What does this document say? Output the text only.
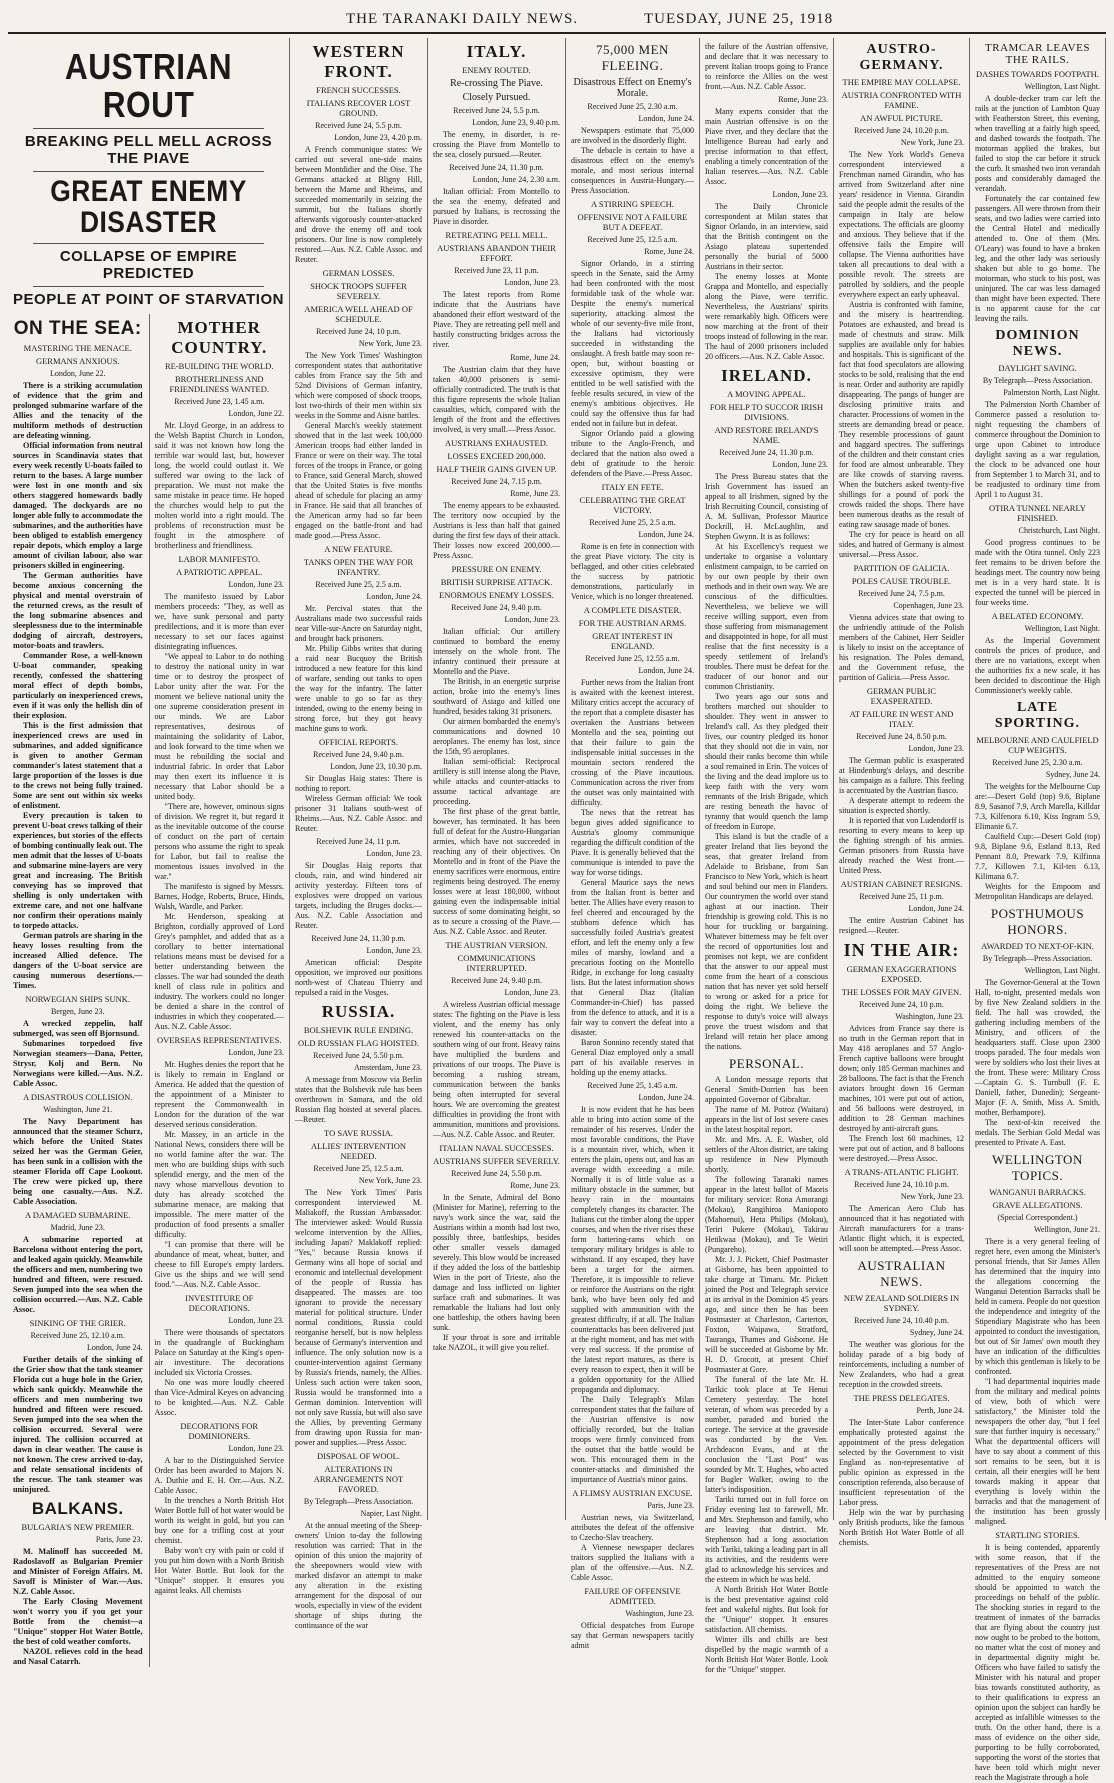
THE TARANAKI DAILY NEWS.	TUESDAY, JUNE 25, 1918
AUSTRIAN ROUT
BREAKING PELL MELL ACROSS THE PIAVE
GREAT ENEMY DISASTER
COLLAPSE OF EMPIRE PREDICTED
PEOPLE AT POINT OF STARVATION
ON THE SEA:
MASTERING THE MENACE.
GERMANS ANXIOUS.
London, June 22.

There is a striking accumulation of evidence that the grim and prolonged submarine warfare of the Allies and the tenacity of the multiform methods of destruction are defeating winning.

Official information from neutral sources in Scandinavia states that every week recently U-boats failed to return to the bases. A large number were lost in one month and six others staggered homewards badly damaged. The dockyards are no longer able fully to accommodate the submarines, and the authorities have been obliged to establish emergency repair depots, which employ a large amount of civilian labour, also war prisoners skilled in engineering.

The German authorities have become anxious concerning the physical and mental overstrain of the returned crews, as the result of the long submarine absences and sleeplessness due to the interminable dodging of aircraft, destroyers, motor-boats and trawlers.

Commander Rose, a well-known U-boat commander, speaking recently, confessed the shattering moral effect of depth bombs, particularly on inexperienced crews, even if it was only the hellish din of their explosion.

This is the first admission that inexperienced crews are used in submarines, and added significance is given to another German commander's latest statement that a large proportion of the losses is due to the crews not being fully trained. Some are sent out within six weeks of enlistment.

Every precaution is taken to prevent U-boat crews talking of their experiences, but stories of the effects of bombing continually leak out. The men admit that the losses of U-boats and submarine mine-layers are very great and increasing. The British conveying has so improved that shelling is only undertaken with extreme care, and not one halfvane nor confirm their operations mainly to torpedo attacks.

German patrols are sharing in the heavy losses resulting from the increased Allied defence. The dangers of the U-boat service are causing numerous desertions.—Times.

NORWEGIAN SHIPS SUNK.
Bergen, June 23.

A wrecked zeppelin, half submerged, was seen off Bjornsund.

Submarines torpedoed five Norwegian steamers—Dana, Petter, Strysr, Kolj and Bern. No Norwegians were killed.—Aus. N.Z. Cable Assoc.

A DISASTROUS COLLISION.
Washington, June 21.

The Navy Department has announced that the steamer Schurz, which before the United States seized her was the German Geier, has been sunk in a collision with the steamer Florida off Cape Lookout. The crew were picked up, there being one casualty.—Aus. N.Z. Cable Association.

A DAMAGED SUBMARINE.
Madrid, June 23.

A submarine reported at Barcelona without entering the port, and leaked again quickly. Meanwhile the officers and men, numbering two hundred and fifteen, were rescued. Seven jumped into the sea when the collision occurred.—Aus. N.Z. Cable Assoc.

SINKING OF THE GRIER.
Received June 25, 12.10 a.m.
London, June 24.

Further details of the sinking of the Grier show that the tank steamer Florida cut a huge hole in the Grier, which sank quickly. Meanwhile the officers and men numbering two hundred and fifteen were rescued. Seven jumped into the sea when the collision occurred. Several were injured. The collision occurred at dawn in clear weather. The cause is not known. The crew arrived to-day, and relate sensational incidents of the rescue. The tank steamer was uninjured.

BALKANS.
BULGARIA'S NEW PREMIER.
Paris, June 23.

M. Malinoff has succeeded M. Radoslavoff as Bulgarian Premier and Minister of Foreign Affairs. M. Savoff is Minister of War.—Aus. N.Z. Cable Assoc.

The Early Closing Movement won't worry you if you get your Bottle from the chemist—a "Unique" stopper Hot Water Bottle, the best of cold weather comforts.

NAZOL relieves cold in the head and Nasal Catarrh.

MOTHER COUNTRY.
RE-BUILDING THE WORLD.
BROTHERLINESS AND FRIENDLINESS WANTED.
Received June 23, 1.45 a.m.
London, June 22.

Mr. Lloyd George, in an address to the Welsh Baptist Church in London, said it was not known how long the terrible war would last, but, however long, the world could outlast it. We suffered war owing to the lack of preparation. We must not make the same mistake in peace time. He hoped the churches would help to put the molten world into a right mould. The problems of reconstruction must be fought in the atmosphere of brotherliness and friendliness.

LABOR MANIFESTO.
A PATRIOTIC APPEAL.
London, June 23.

The manifesto issued by Labor members proceeds: "They, as well as we, have sunk personal and party predilections, and it is more than ever necessary to set our faces against disintegrating influences.

"We appeal to Labor to do nothing to destroy the national unity in war time or to destroy the prospect of Labor unity after the war. For the moment we believe national unity the one supreme consideration present in our minds. We are Labor representatives, desirous of maintaining the solidarity of Labor, and look forward to the time when we must be rebuilding the social and industrial fabric. In order that Labor may then exert its influence it is necessary that Labor should be a united body.

"There are, however, ominous signs of division. We regret it, but regard it as the inevitable outcome of the course of conduct on the part of certain persons who assume the right to speak for Labor, but fail to realise the momentous issues involved in the war."

The manifesto is signed by Messrs. Barnes, Hodge, Roberts, Bruce, Hinds, Walsh, Wardle, and Parker.

Mr. Henderson, speaking at Brighton, cordially approved of Lord Grey's pamphlet, and added that as a corollary to better international relations means must be devised for a better understanding between the classes. The war had sounded the death knell of class rule in politics and industry. The workers could no longer be denied a share in the control of industries in which they cooperated.—Aus. N.Z. Cable Assoc.

OVERSEAS REPRESENTATIVES.
London, June 23.

Mr. Hughes denies the report that he is likely to remain in England or America. He added that the question of the appointment of a Minister to represent the Commonwealth in London for the duration of the war deserved serious consideration.

Mr. Massey, in an article in the National News, considers there will be no world famine after the war. The men who are building ships with such splendid energy, and the men of the navy whose marvellous devotion to duty has already scotched the submarine menace, are making that impossible. The mere matter of the production of food presents a smaller difficulty.

"I can promise that there will be abundance of meat, wheat, butter, and cheese to fill Europe's empty larders. Give us the ships and we will send food."—Aus. N.Z. Cable Assoc.

INVESTITURE OF DECORATIONS.
London, June 23.

There were thousands of spectators in the quadrangle of Buckingham Palace on Saturday at the King's open-air investiture. The decorations included six Victoria Crosses.

No one was more loudly cheered than Vice-Admiral Keyes on advancing to be knighted.—Aus. N.Z. Cable Assoc.

DECORATIONS FOR DOMINIONERS.
London, June 23.

A bar to the Distinguished Service Order has been awarded to Majors N. A. Duthie and E. H. Orr.—Aus. N.Z. Cable Assoc.

In the trenches a North British Hot Water Bottle full of hot water would be worth its weight in gold, but you can buy one for a trifling cost at your chemist.

Baby won't cry with pain or cold if you put him down with a North British Hot Water Bottle. But look for the "Unique" stopper. It ensures you against leaks. All chemists

WESTERN FRONT.
FRENCH SUCCESSES.
ITALIANS RECOVER LOST GROUND.
Received June 24, 5.5 p.m.
London, June 23, 4.20 p.m.

A French communique states: We carried out several one-side mains between Montdidier and the Oise. The Germans attacked at Bligny Hill, between the Marne and Rheims, and succeeded momentarily in seizing the summit, but the Italians shortly afterwards vigorously counter-attacked and drove the enemy off and took prisoners. Our line is now completely restored.—Aus. N.Z. Cable Assoc. and Reuter.

GERMAN LOSSES.
SHOCK TROOPS SUFFER SEVERELY.
AMERICA WELL AHEAD OF SCHEDULE.
Received June 24, 10 p.m.
New York, June 23.

The New York Times' Washington correspondent states that authoritative cables from France say the 5th and 52nd Divisions of German infantry, which were composed of shock troops, lost two-thirds of their men within six weeks in the Somme and Aisne battles.

General March's weekly statement showed that in the last week 100,000 American troops had either landed in France or were on their way. The total forces of the troops in France, or going to France, said General March, showed that the United States is five months ahead of schedule for placing an army in France. He said that all branches of the American army had so far been engaged on the battle-front and had made good.—Press Assoc.

A NEW FEATURE.
TANKS OPEN THE WAY FOR INFANTRY.
Received June 25, 2.5 a.m.
London, June 24.

Mr. Percival states that the Australians made two successful raids near Ville-sur-Ancre on Saturday night, and brought back prisoners.

Mr. Philip Gibbs writes that during a raid near Bucquoy the British introduced a new feature for this kind of warfare, sending out tanks to open the way for the infantry. The latter were unable to go so far as they intended, owing to the enemy being in strong force, but they got heavy machine guns to work.

OFFICIAL REPORTS.
Received June 24, 9.40 p.m.
London, June 23, 10.30 p.m.

Sir Douglas Haig states: There is nothing to report.

Wireless German official: We took prisoner 31 Italians south-west of Rheims.—Aus. N.Z. Cable Assoc. and Reuter.

Received June 24, 11 p.m.
London, June 23.

Sir Douglas Haig reports that clouds, rain, and wind hindered air activity yesterday. Fifteen tons of explosives were dropped on various targets, including the Bruges docks.—Aus. N.Z. Cable Association and Reuter.

Received June 24, 11.30 p.m.
London, June 23.

American official: Despite opposition, we improved our positions north-west of Chateau Thierry and repulsed a raid in the Vosges.

RUSSIA.
BOLSHEVIK RULE ENDING.
OLD RUSSIAN FLAG HOISTED.
Received June 24, 5.50 p.m.
Amsterdam, June 23.

A message from Moscow via Berlin states that the Bolshevik rule has been overthrown in Samara, and the old Russian flag hoisted at several places.—Reuter.

TO SAVE RUSSIA.
ALLIES' INTERVENTION NEEDED.
Received June 25, 12.5 a.m.
New York, June 23.

The New York Times' Paris correspondent interviewed M. Maliakoff, the Russian Ambassador. The interviewer asked: Would Russia welcome intervention by the Allies, including Japan? Maklakoff replied: "Yes," because Russia knows if Germany wins all hope of social and economic and intellectual development of the people of Russia has disappeared. The masses are too ignorant to provide the necessary material for political structure. Under normal conditions, Russia could reorganise herself, but is now helpless because of Germany's intervention and influence. The only solution now is a counter-intervention against Germany by Russia's friends, namely, the Allies. Unless such action were taken soon, Russia would be transformed into a German dominion. Intervention will not only save Russia, but will also save the Allies, by preventing Germany from drawing upon Russia for man-power and supplies.—Press Assoc.

DISPOSAL OF WOOL.
ALTERATIONS IN ARRANGEMENTS NOT FAVORED.
By Telegraph—Press Association.
Napier, Last Night.

At the annual meeting of the Sheep-owners' Union to-day the following resolution was carried: That in the opinion of this union the majority of the sheepowners would view with marked disfavor an attempt to make any alteration in the existing arrangement for the disposal of our wools, especially in view of the evident shortage of ships during the continuance of the war

ITALY.
ENEMY ROUTED.
Re-crossing The Piave.
Closely Pursued.
Received June 24, 5.5 p.m.
London, June 23, 9.40 p.m.

The enemy, in disorder, is re-crossing the Piave from Montello to the sea, closely pursued.—Reuter.

Received June 24, 11.30 p.m.
London, June 24, 2.30 a.m.

Italian official: From Montello to the sea the enemy, defeated and pursued by Italians, is recrossing the Piave in disorder.

RETREATING PELL MELL.
AUSTRIANS ABANDON THEIR EFFORT.
Received June 23, 11 p.m.
London, June 23.

The latest reports from Rome indicate that the Austrians have abandoned their effort westward of the Piave. They are retreating pell mell and hastily constructing bridges across the river.

Rome, June 24.

The Austrian claim that they have taken 40,000 prisoners is semi-officially contradicted. The truth is that this figure represents the whole Italian casualties, which, compared with the length of the front and the effectives involved, is very small.—Press Assoc.

AUSTRIANS EXHAUSTED.
LOSSES EXCEED 200,000.
HALF THEIR GAINS GIVEN UP.
Received June 24, 7.15 p.m.
Rome, June 23.

The enemy appears to be exhausted. The territory now occupied by the Austrians is less than half that gained during the first few days of their attack. Their losses now exceed 200,000.—Press Assoc.

PRESSURE ON ENEMY.
BRITISH SURPRISE ATTACK.
ENORMOUS ENEMY LOSSES.
Received June 24, 9.40 p.m.
London, June 23.

Italian official: Our artillery continued to bombard the enemy intensely on the whole front. The infantry continued their pressure at Montello and the Piave.

The British, in an energetic surprise action, broke into the enemy's lines southward of Asiago and killed one hundred, besides taking 31 prisoners.

Our airmen bombarded the enemy's communications and downed 10 aeroplanes. The enemy has lost, since the 15th, 95 aeroplanes.

Italian semi-official: Reciprocal artillery is still intense along the Piave, while attacks and counter-attacks to assume tactical advantage are proceeding.

The first phase of the great battle, however, has terminated. It has been full of defeat for the Austro-Hungarian armies, which have not succeeded in reaching any of their objectives. On Montello and in front of the Piave the enemy sacrifices were enormous, entire regiments being destroyed. The enemy losses were at least 180,000, without gaining even the indispensable initial success of some dominating height, so as to secure a crossing of the Piave.—Aus. N.Z. Cable Assoc. and Reuter.

THE AUSTRIAN VERSION.
COMMUNICATIONS INTERRUPTED.
Received June 24, 9.40 p.m.
London, June 23.

A wireless Austrian official message states: The fighting on the Piave is less violent, and the enemy has only renewed his counter-attacks on the southern wing of our front. Heavy rains have multiplied the burdens and privations of our troops. The Piave is becoming a rushing stream, communication between the banks being often interrupted for several hours. We are overcoming the greatest difficulties in providing the front with ammunition, munitions and provisions.—Aus. N.Z. Cable Assoc. and Reuter.

ITALIAN NAVAL SUCCESSES.
AUSTRIANS SUFFER SEVERELY.
Received June 24, 5.50 p.m.
Rome, June 23.

In the Senate, Admiral del Bono (Minister for Marine), referring to the navy's work since the war, said the Austrians within a month had lost two, possibly three, battleships, besides other smaller vessels damaged severely. This blow would be increased if they added the loss of the battleship Wien in the port of Trieste, also the damage and loss inflicted on lighter surface craft and submarines. It was remarkable the Italians had lost only one battleship, the others having been sunk.

If your throat is sore and irritable take NAZOL, it will give you relief.

75,000 MEN FLEEING.
Disastrous Effect on Enemy's Morale.
Received June 25, 2.30 a.m.
London, June 24.

Newspapers estimate that 75,000 are involved in the disorderly flight.

The debacle is certain to have a disastrous effect on the enemy's morale, and most serious internal consequences in Austria-Hungary.—Press Association.

A STIRRING SPEECH.
OFFENSIVE NOT A FAILURE BUT A DEFEAT.
Received June 25, 12.5 a.m.
Rome, June 24.

Signor Orlando, in a stirring speech in the Senate, said the Army had been confronted with the most formidable task of the whole war. Despite the enemy's numerical superiority, attacking almost the whole of our seventy-five mile front, the Italians had victoriously succeeded in withstanding the onslaught. A fresh battle may soon re-open, but, without boasting or excessive optimism, they were entitled to be well satisfied with the feeble results secured, in view of the enemy's ambitious objectives. He could say the offensive thus far had ended not in failure but in defeat.

Signor Orlando paid a glowing tribute to the Anglo-French, and declared that the nation also owed a debt of gratitude to the heroic defenders of the Piave.—Press Assoc.

ITALY EN FETE.
CELEBRATING THE GREAT VICTORY.
Received June 25, 2.5 a.m.
London, June 24.

Rome is en fete in connection with the great Piave victory. The city is beflagged, and other cities celebrated the success by patriotic demonstrations, particularly in Venice, which is no longer threatened.

A COMPLETE DISASTER.
FOR THE AUSTRIAN ARMS.
GREAT INTEREST IN ENGLAND.
Received June 25, 12.55 a.m.
London, June 24.

Further news from the Italian front is awaited with the keenest interest. Military critics accept the accuracy of the report that a complete disaster has overtaken the Austrians between Montello and the sea, pointing out that their failure to gain the indispensable initial successes in the mountain sectors rendered the crossing of the Piave incautious. Communication across the river from the outset was only maintained with difficulty.

The news that the retreat has begun gives added significance to Austria's gloomy communique regarding the difficult condition of the Piave. It is generally believed that the communique is intended to pave the way for worse tidings.

General Maurice says the news from the Italian front is better and better. The Allies have every reason to feel cheered and encouraged by the stubborn defence which has successfully foiled Austria's greatest effort, and left the enemy only a few miles of marshy, lowland and a precarious footing on the Montello Ridge, in exchange for long casualty lists. But the latest information shows that General Diaz (Italian Commander-in-Chief) has passed from the defence to attack, and it is a fair way to convert the defeat into a disaster.

Baron Sonnino recently stated that General Diaz employed only a small part of his available reserves in holding up the enemy attacks.

Received June 25, 1.45 a.m.
London, June 24.

It is now evident that he has been able to bring into action some of the remainder of his reserves. Under the most favorable conditions, the Piave is a mountain river, which, when it enters the plain, opens out, and has an average width exceeding a mile. Normally it is of little value as a military obstacle in the summer, but heavy rain in the mountains completely changes its character. The Italians cut the timber along the upper courses, and when the river rises these form battering-rams which on temporary military bridges is able to withstand. If any escaped, they have been a target for the airmen. Therefore, it is impossible to relieve or reinforce the Austrians on the right bank, who have been only fed and supplied with ammunition with the greatest difficulty, if at all. The Italian counterattacks has been delivered just at the right moment, and has met with very real success. If the promise of the latest report matures, as there is every reason to expect, then it will be a golden opportunity for the Allied propaganda and diplomacy.

The Daily Telegraph's Milan correspondent states that the failure of the Austrian offensive is now officially recorded, but the Italian troops were firmly convinced from the outset that the battle would be won. This encouraged them in the counter-attacks and diminished the importance of Austria's minor gains.

A FLIMSY AUSTRIAN EXCUSE.
Paris, June 23.

Austrian news, via Switzerland, attributes the defeat of the offensive to Czecho-Slav treachery.

A Viennese newspaper declares traitors supplied the Italians with a plan of the offensive.—Aus. N.Z. Cable Assoc.

FAILURE OF OFFENSIVE ADMITTED.
Washington, June 23.

Official despatches from Europe say that German newspapers tacitly admit

the failure of the Austrian offensive, and declare that it was necessary to prevent Italian troops going to France to reinforce the Allies on the west front.—Aus. N.Z. Cable Assoc.

Rome, June 23.

Many experts consider that the main Austrian offensive is on the Piave river, and they declare that the Intelligence Bureau had early and precise information to that effect, enabling a timely concentration of the Italian reserves.—Aus. N.Z. Cable Assoc.

London, June 23.

The Daily Chronicle correspondent at Milan states that Signor Orlando, in an interview, said that the British contingent on the Asiago plateau supertended personally the burial of 5000 Austrians in their sector.

The enemy losses at Monte Grappa and Montello, and especially along the Piave, were terrific. Nevertheless, the Austrians' spirits were remarkably high. Officers were now marching at the front of their troops instead of following in the rear. The haul of 2000 prisoners included 20 officers.—Aus. N.Z. Cable Assoc.

IRELAND.
A MOVING APPEAL.
FOR HELP TO SUCCOR IRISH DIVISIONS.
AND RESTORE IRELAND'S NAME.
Received June 24, 11.30 p.m.
London, June 23.

The Press Bureau states that the Irish Government has issued an appeal to all Irishmen, signed by the Irish Recruiting Council, consisting of A. M. Sullivan, Professor Maurice Dockrill, H. McLaughlin, and Stephen Gwynn. It is as follows:

At his Excellency's request we undertake to organise a voluntary enlistment campaign, to be carried on by our own people by their own methods and in their own way. We are conscious of the difficulties. Nevertheless, we believe we will receive willing support, even from those suffering from mismanagement and disappointed in hope, for all must realise that the first necessity is a speedy settlement of Ireland's troubles. There must be defeat for the traducer of our honor and our common Christianity.

Two years ago our sons and brothers marched out shoulder to shoulder. They went in answer to Ireland's call. As they pledged their lives, our country pledged its honor that they should not die in vain, nor should their ranks become thin while a soul remained in Erin. The voices of the living and the dead implore us to keep faith with the very worn remnants of the Irish Brigade, which are resting beneath the havoc of tyranny that would quench the lamp of freedom in Europe.

This island is but the cradle of a greater Ireland that lies beyond the seas, that greater Ireland from Adelaide to Brisbane, from San Francisco to New York, which is heart and soul behind our men in Flanders. Our countrymen the world over stand aghast at our inaction. Their friendship is growing cold. This is no hour for truckling or bargaining. Whatever bitterness may be felt over the record of opportunities lost and promises not kept, we are confident that the answer to our appeal must come from the heart of a conscious nation that has never yet sold herself to wrong or asked for a price for doing the right. We believe the response to duty's voice will always prove the truest wisdom and that Ireland will retain her place among the nations.

PERSONAL.

A London message reports that General Smith-Dorrien has been appointed Governor of Gibraltar.

The name of M. Potroz (Waitara) appears in the list of lost severe cases in the latest hospital report.

Mr. and Mrs. A. E. Washer, old settlers of the Alton district, are taking up residence in New Plymouth shortly.

The following Taranaki names appear in the latest ballot of Maoris for military service: Rona Amorangi (Mokau), Rangihiroa Maniopoto (Mahoenui), Heta Philips (Mokau), Teriri Pukere (Mokau), Takirau Hetikwaa (Mokau), and Te Wetiri (Pungarehu).

Mr. J. J. Pickett, Chief Postmaster at Gisborne, has been appointed to take charge at Timaru. Mr. Pickett joined the Post and Telegraph service at its arrival in the Dominion 45 years ago, and since then he has been Postmaster at Charleston, Carterton, Foxton, Waipawa, Stratford, Tauranga, Thames and Gisborne. He will be succeeded at Gisborne by Mr. H. D. Grocott, at present Chief Postmaster at Gore.

The funeral of the late Mr. H. Tarikic took place at Te Henui Cemetery yesterday. The hotel veteran, of whom was preceded by a number, paraded and buried the cortege. The service at the graveside was conducted by the Ven. Archdeacon Evans, and at the conclusion the "Last Post" was sounded by Mr. T. Hughes, who acted for Bugler Walker, owing to the latter's indisposition.

Tariki turned out in full force on Friday evening last to farewell, Mr. and Mrs. Stephenson and family, who are leaving that district. Mr. Stephenson had a long association with Tariki, taking a leading part in all its activities, and the residents were glad to acknowledge his services and the esteem in which he was held.

A North British Hot Water Bottle is the best preventative against cold feet and wakeful nights. But look for the "Unique" stopper. It ensures satisfaction. All chemists.

Winter ills and chills are best dispelled by the magic warmth of a North British Hot Water Bottle. Look for the "Unique" stopper.

AUSTRO-GERMANY.
THE EMPIRE MAY COLLAPSE.
AUSTRIA CONFRONTED WITH FAMINE.
AN AWFUL PICTURE.
Received June 24, 10.20 p.m.
New York, June 23.

The New York World's Geneva correspondent interviewed a Frenchman named Girandin, who has arrived from Switzerland after nine years' residence in Vienna. Girandin said the people admit the results of the campaign in Italy are below expectations. The officials are gloomy and anxious. They believe that if the offensive fails the Empire will collapse. The Vienna authorities have taken all precautions to deal with a possible revolt. The streets are patrolled by soldiers, and the people everywhere expect an early upheaval.

Austria is confronted with famine, and the misery is heartrending. Potatoes are exhausted, and bread is made of chestnuts and straw. Milk supplies are available only for babies and hospitals. This is significant of the fact that food speculators are allowing stocks to be sold, realising that the end is near. Order and authority are rapidly disappearing. The pangs of hunger are disclosing primitive traits and character. Processions of women in the streets are demanding bread or peace. They resemble processions of gaunt and haggard spectres. The sufferings of the children and their constant cries for food are almost unbearable. They are like crowds of starving ravens. When the butchers asked twenty-five shillings for a pound of pork the crowds raided the shops. There have been numerous deaths as the result of eating raw sausage made of bones.

The cry for peace is heard on all sides, and hatred of Germany is almost universal.—Press Assoc.

PARTITION OF GALICIA.
POLES CAUSE TROUBLE.
Received June 24, 7.5 p.m.
Copenhagen, June 23.

Vienna advices state that owing to the unfriendly attitude of the Polish members of the Cabinet, Herr Seidler is likely to insist on the acceptance of his resignation. The Poles demand, and the Government refuse, the partition of Galicia.—Press Assoc.

GERMAN PUBLIC EXASPERATED.
AT FAILURE IN WEST AND ITALY.
Received June 24, 8.50 p.m.
London, June 23.

The German public is exasperated at Hindenburg's delays, and describe his campaign as a failure. This feeling is accentuated by the Austrian fiasco.

A desperate attempt to redeem the situation is expected shortly.

It is reported that von Ludendorff is resorting to every means to keep up the fighting strength of his armies. German prisoners from Russia have already reached the West front.—United Press.

AUSTRIAN CABINET RESIGNS.
Received June 25, 11 p.m.
London, June 24.

The entire Austrian Cabinet has resigned.—Reuter.

IN THE AIR:
GERMAN EXAGGERATIONS EXPOSED.
THE LOSSES FOR MAY GIVEN.
Received June 24, 10 p.m.
Washington, June 23.

Advices from France say there is no truth in the German report that in May 418 aeroplanes and 57 Anglo-French captive balloons were brought down; only 185 German machines and 28 balloons. The fact is that the French aviators brought down 16 German machines, 101 were put out of action, and 56 balloons were destroyed, in addition to 28 German machines destroyed by anti-aircraft guns.

The French lost 60 machines, 12 were put out of action, and 8 balloons were destroyed.—Press Assoc.

A TRANS-ATLANTIC FLIGHT.
Received June 24, 10.10 p.m.
New York, June 23.

The American Aero Club has announced that it has negotiated with Aircraft manufacturers for a trans-Atlantic flight which, it is expected, will soon be attempted.—Press Assoc.

AUSTRALIAN NEWS.
NEW ZEALAND SOLDIERS IN SYDNEY.
Received June 24, 10.40 p.m.
Sydney, June 24.

The weather was glorious for the holiday parade of a big body of reinforcements, including a number of New Zealanders, who had a great reception in the crowded streets.

THE PRESS DELEGATES.
Perth, June 24.

The Inter-State Labor conference emphatically protested against the appointment of the press delegation selected by the Government to visit England as non-representative of public opinion as expressed in the conscription referenda, also because of insufficient representation of the Labor press.

Help win the war by purchasing only British products, like the famous North British Hot Water Bottle of all chemists.

TRAMCAR LEAVES THE RAILS.
DASHES TOWARDS FOOTPATH.
Wellington, Last Night.

A double-decker tram car left the rails at the junction of Lambton Quay with Featherston Street, this evening, when travelling at a fairly high speed, and dashed towards the footpath. The motorman applied the brakes, but failed to stop the car before it struck the curb. It smashed two iron verandah posts and considerably damaged the verandah.

Fortunately the car contained few passengers. All were thrown from their seats, and two ladies were carried into the Central Hotel and medically attended to. One of them (Mrs. O'Leary) was found to have a broken leg, and the other lady was seriously shaken but able to go home. The motorman, who stuck to his post, was uninjured. The car was less damaged than might have been expected. There is no apparent cause for the car leaving the rails.

DOMINION NEWS.
DAYLIGHT SAVING.
By Telegraph—Press Association.
Palmerston North, Last Night.

The Palmerston North Chamber of Commerce passed a resolution to-night requesting the chambers of commerce throughout the Dominion to urge upon Cabinet to introduce daylight saving as a war regulation, the clock to be advanced one hour from September 1 to March 31, and to be readjusted to ordinary time from April 1 to August 31.

OTIRA TUNNEL NEARLY FINISHED.
Christchurch, Last Night.

Good progress continues to be made with the Otira tunnel. Only 223 feet remains to be driven before the headings meet. The country now being met is in a very hard state. It is expected the tunnel will be pierced in four weeks time.

A BELATED ECONOMY.
Wellington, Last Night.

As the Imperial Government controls the prices of produce, and there are no variations, except when the authorities fix a new scale, it has been decided to discontinue the High Commissioner's weekly cable.

LATE SPORTING.
MELBOURNE AND CAULFIELD CUP WEIGHTS.
Received June 25, 2.30 a.m.
Sydney, June 24.

The weights for the Melbourne Cup are:—Desert Gold (top) 9.6, Biplane 8.9, Sasanof 7.9, Arch Marella, Killdar 7.3, Kilfenora 6.10, Kiss Ingram 5.9, Elimanie 6.7.

Caulfield Cup:—Desert Gold (top) 9.8, Biplane 9.6, Estland 8.13, Red Pennant 8.0, Prewark 7.9, Kilfinna 7.7, Killowen 7.1, Kil-ten 6.13, Kilimana 6.7.

Weights for the Empoom and Metropolitan Handicaps are delayed.

POSTHUMOUS HONORS.
AWARDED TO NEXT-OF-KIN.
By Telegraph—Press Association.
Wellington, Last Night.

The Governor-General at the Town Hall, to-night, presented medals won by five New Zealand soldiers in the field. The hall was crowded, the gathering including members of the Ministry, and officers of the headquarters staff. Close upon 2300 troops paraded. The four medals won were by soldiers who lost their lives at the front. These were: Military Cross—Captain G. S. Turnbull (F. E. Daniell, father, Dunedin); Sergeant-Major (F. A. Smith, Miss A. Smith, mother, Berhampore).

The next-of-kin received the medals. The Serbian Gold Medal was presented to Private A. East.

WELLINGTON TOPICS.
WANGANUI BARRACKS.
GRAVE ALLEGATIONS.
(Special Correspondent.)
Wellington, June 21.

There is a very general feeling of regret here, even among the Minister's personal friends, that Sir James Allen has determined that the inquiry into the allegations concerning the Wanganui Detention Barracks shall be held in camera. People do not question the independence and integrity of the Stipendiary Magistrate who has been appointed to conduct the investigation, but out of Sir James' own mouth they have an indication of the difficulties by which this gentleman is likely to be confronted.

"I had departmental inquiries made from the military and medical points of view, both of which were satisfactory," the Minister told the newspapers the other day, "but I feel sure that further inquiry is necessary." What the departmental officers will have to say about a comment of this sort remains to be seen, but it is certain, all their energies will be bent towards making it appear that everything is lovely within the barracks and that the management of the institution has been grossly maligned.

STARTLING STORIES.

It is being contended, apparently with some reason, that if the representatives of the Press are not admitted to the enquiry someone should be appointed to watch the proceedings on behalf of the public. The shocking stories in regard to the treatment of inmates of the barracks that are flying about the country just now ought to be probed to the bottom, no matter what the cost of money and in departmental dignity might be. Officers who have failed to satisfy the Minister with his natural and proper bias towards constituted authority, as to their qualifications to express an opinion upon the subject can hardly be accepted as infallible witnesses to the truth. On the other hand, there is a mass of evidence on the other side, purporting to be fully corroborated, supporting the worst of the stories that have been told which might never reach the Magistrate through a hole
